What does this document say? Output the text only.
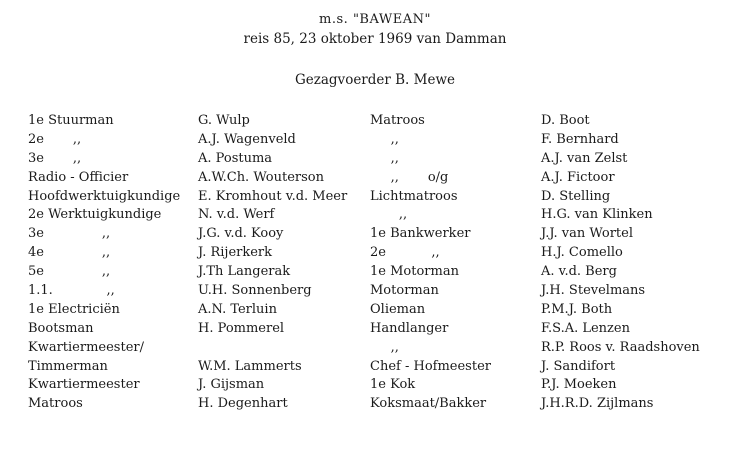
m.s. "BAWEAN"
reis 85, 23 oktober 1969 van Damman
Gezagvoerder B. Mewe
1e Stuurman
2e       ,,
3e       ,,
Radio - Officier
Hoofdwerktuigkundige
2e Werktuigkundige
3e              ,,
4e              ,,
5e              ,,
1.1.             ,,
1e Electriciën
Bootsman
Kwartiermeester/
Timmerman
Kwartiermeester
Matroos
G. Wulp
A.J. Wagenveld
A. Postuma
A.W.Ch. Wouterson
E. Kromhout v.d. Meer
N. v.d. Werf
J.G. v.d. Kooy
J. Rijerkerk
J.Th Langerak
U.H. Sonnenberg
A.N. Terluin
H. Pommerel
W.M. Lammerts
J. Gijsman
H. Degenhart
Matroos
,,
,,
,,       o/g
Lichtmatroos
,,
1e Bankwerker
2e           ,,
1e Motorman
Motorman
Olieman
Handlanger
,,
Chef - Hofmeester
1e Kok
Koksmaat/Bakker
D. Boot
F. Bernhard
A.J. van Zelst
A.J. Fictoor
D. Stelling
H.G. van Klinken
J.J. van Wortel
H.J. Comello
A. v.d. Berg
J.H. Stevelmans
P.M.J. Both
F.S.A. Lenzen
R.P. Roos v. Raadshoven
J. Sandifort
P.J. Moeken
J.H.R.D. Zijlmans
